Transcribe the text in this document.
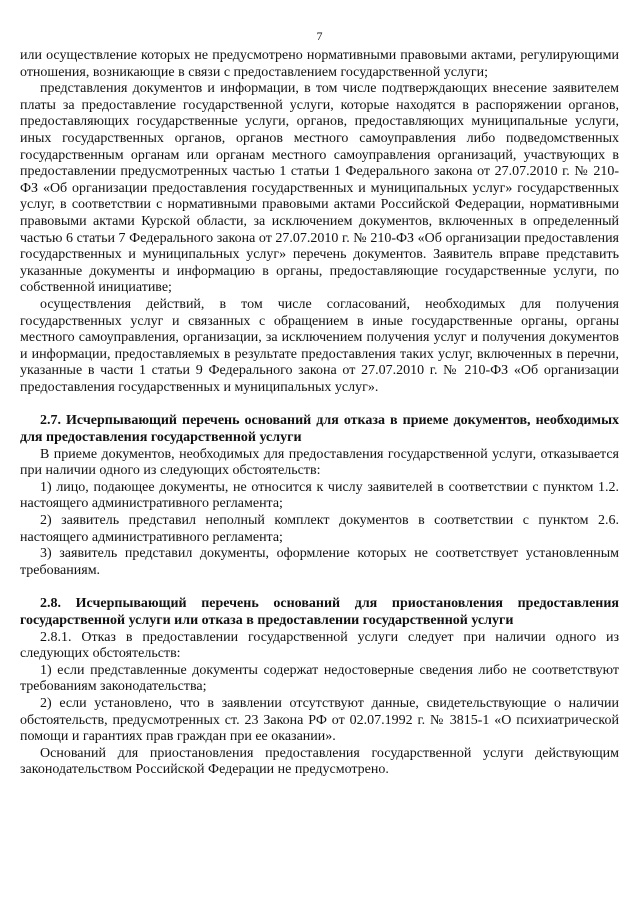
7

или осуществление которых не предусмотрено нормативными правовыми актами, регулирующими отношения, возникающие в связи с предоставлением государственной услуги;

представления документов и информации, в том числе подтверждающих внесение заявителем платы за предоставление государственной услуги, которые находятся в распоряжении органов, предоставляющих государственные услуги, органов, предоставляющих муниципальные услуги, иных государственных органов, органов местного самоуправления либо подведомственных государственным органам или органам местного самоуправления организаций, участвующих в предоставлении предусмотренных частью 1 статьи 1 Федерального закона от 27.07.2010 г. № 210-ФЗ «Об организации предоставления государственных и муниципальных услуг» государственных услуг, в соответствии с нормативными правовыми актами Российской Федерации, нормативными правовыми актами Курской области, за исключением документов, включенных в определенный частью 6 статьи 7 Федерального закона от 27.07.2010 г. № 210-ФЗ «Об организации предоставления государственных и муниципальных услуг» перечень документов. Заявитель вправе представить указанные документы и информацию в органы, предоставляющие государственные услуги, по собственной инициативе;

осуществления действий, в том числе согласований, необходимых для получения государственных услуг и связанных с обращением в иные государственные органы, органы местного самоуправления, организации, за исключением получения услуг и получения документов и информации, предоставляемых в результате предоставления таких услуг, включенных в перечни, указанные в части 1 статьи 9 Федерального закона от 27.07.2010 г. № 210-ФЗ «Об организации предоставления государственных и муниципальных услуг».

2.7. Исчерпывающий перечень оснований для отказа в приеме документов, необходимых для предоставления государственной услуги

В приеме документов, необходимых для предоставления государственной услуги, отказывается при наличии одного из следующих обстоятельств:

1) лицо, подающее документы, не относится к числу заявителей в соответствии с пунктом 1.2. настоящего административного регламента;

2) заявитель представил неполный комплект документов в соответствии с пунктом 2.6. настоящего административного регламента;

3) заявитель представил документы, оформление которых не соответствует установленным требованиям.

2.8. Исчерпывающий перечень оснований для приостановления предоставления государственной услуги или отказа в предоставлении государственной услуги

2.8.1. Отказ в предоставлении государственной услуги следует при наличии одного из следующих обстоятельств:

1) если представленные документы содержат недостоверные сведения либо не соответствуют требованиям законодательства;

2) если установлено, что в заявлении отсутствуют данные, свидетельствующие о наличии обстоятельств, предусмотренных ст. 23 Закона РФ от 02.07.1992 г. № 3815-1 «О психиатрической помощи и гарантиях прав граждан при ее оказании».

Оснований для приостановления предоставления государственной услуги действующим законодательством Российской Федерации не предусмотрено.
